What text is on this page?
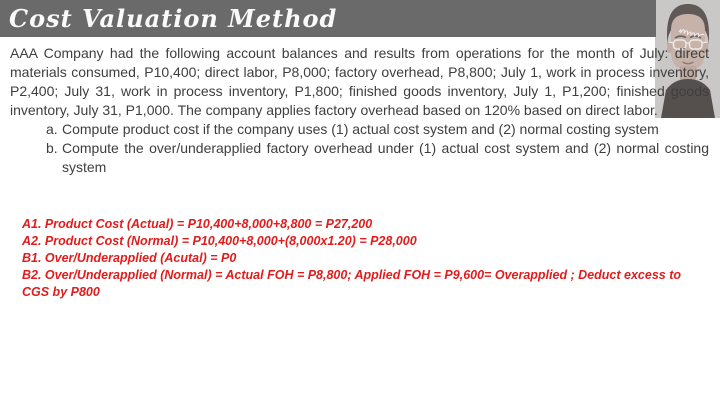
Cost Valuation Method

AAA Company had the following account balances and results from operations for the month of July: direct materials consumed, P10,400; direct labor, P8,000; factory overhead, P8,800; July 1, work in process inventory, P2,400; July 31, work in process inventory, P1,800; finished goods inventory, July 1, P1,200; finished goods inventory, July 31, P1,000. The company applies factory overhead based on 120% based on direct labor.

a. Compute product cost if the company uses (1) actual cost system and (2) normal costing system
b. Compute the over/underapplied factory overhead under (1) actual cost system and (2) normal costing system

A1. Product Cost (Actual) = P10,400+8,000+8,800 = P27,200

A2. Product Cost (Normal) = P10,400+8,000+(8,000x1.20) = P28,000

B1. Over/Underapplied (Acutal) = P0

B2. Over/Underapplied (Normal) = Actual FOH = P8,800; Applied FOH = P9,600= Overapplied ; Deduct excess to CGS by P800
